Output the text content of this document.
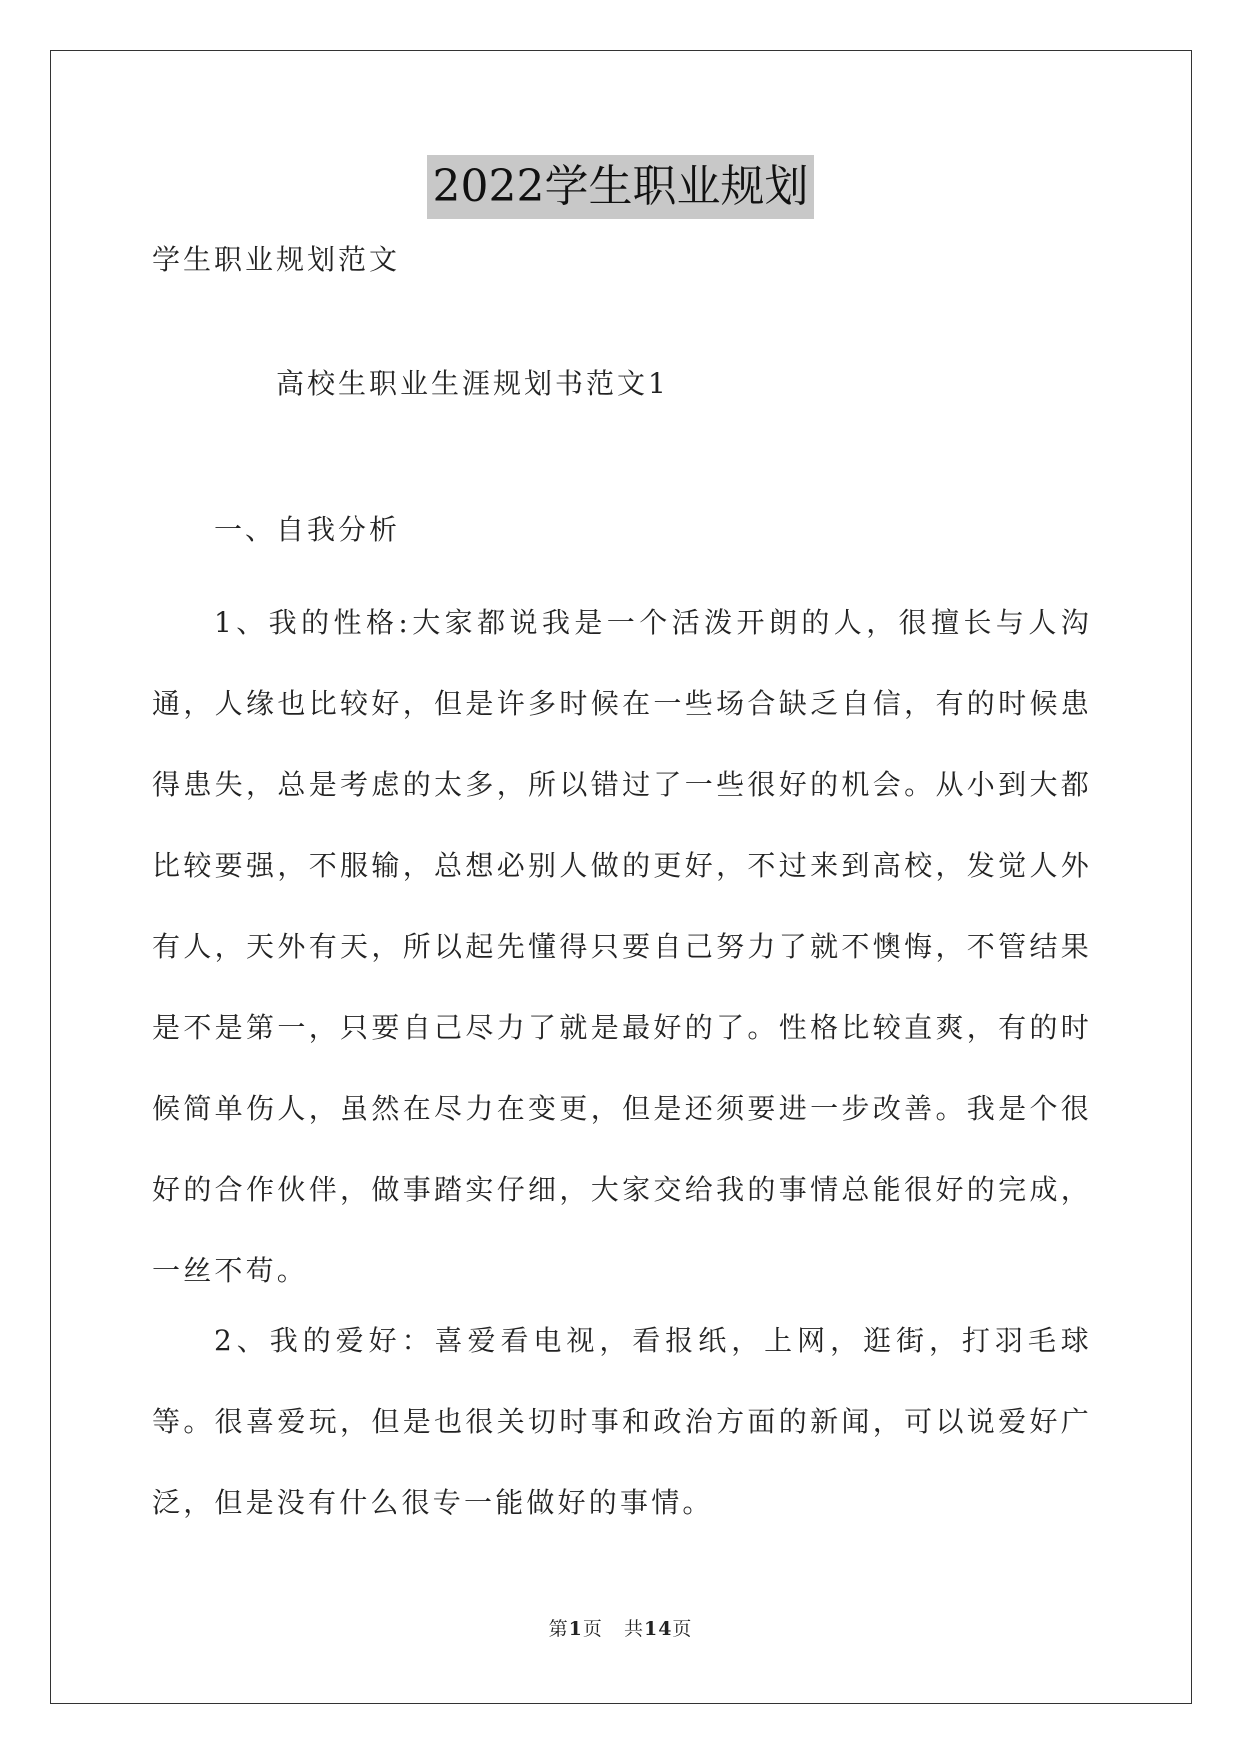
2022学生职业规划
学生职业规划范文
高校生职业生涯规划书范文1
一、自我分析

1、我的性格:大家都说我是一个活泼开朗的人，很擅长与人沟通，人缘也比较好，但是许多时候在一些场合缺乏自信，有的时候患得患失，总是考虑的太多，所以错过了一些很好的机会。从小到大都比较要强，不服输，总想必别人做的更好，不过来到高校，发觉人外有人，天外有天，所以起先懂得只要自己努力了就不懊悔，不管结果是不是第一，只要自己尽力了就是最好的了。性格比较直爽，有的时候简单伤人，虽然在尽力在变更，但是还须要进一步改善。我是个很好的合作伙伴，做事踏实仔细，大家交给我的事情总能很好的完成，一丝不苟。

2、我的爱好：喜爱看电视，看报纸，上网，逛街，打羽毛球等。很喜爱玩，但是也很关切时事和政治方面的新闻，可以说爱好广泛，但是没有什么很专一能做好的事情。

第1页 共14页
